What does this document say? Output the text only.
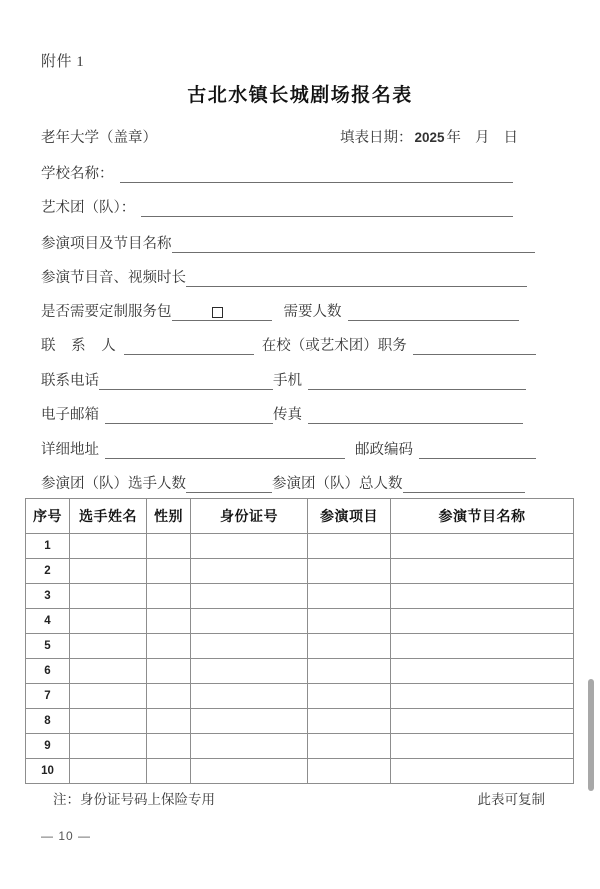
附件 1
古北水镇长城剧场报名表
老年大学（盖章）	填表日期： 2025 年 月 日
学校名称：
艺术团（队）：
参演项目及节目名称
参演节目音、视频时长
是否需要定制服务包	需要人数
联 系 人	在校（或艺术团）职务
联系电话	手机
电子邮箱	传真
详细地址	邮政编码
参演团（队）选手人数	参演团（队）总人数
序号	选手姓名	性别	身份证号	参演项目	参演节目名称
1					
2					
3					
4					
5					
6					
7					
8					
9					
10					
注：身份证号码上保险专用	此表可复制
— 10 —
